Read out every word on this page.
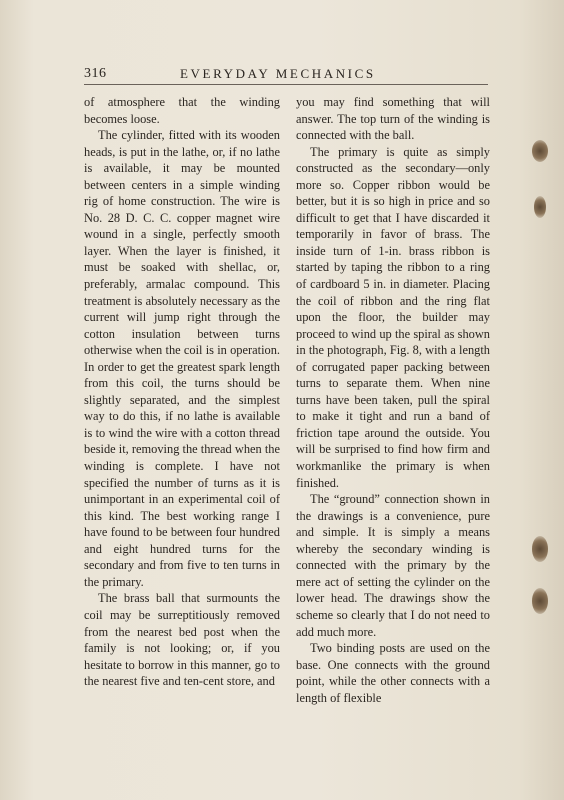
316	EVERYDAY MECHANICS

of atmosphere that the winding becomes loose.

The cylinder, fitted with its wooden heads, is put in the lathe, or, if no lathe is available, it may be mounted between centers in a simple winding rig of home construction. The wire is No. 28 D. C. C. copper magnet wire wound in a single, perfectly smooth layer. When the layer is finished, it must be soaked with shellac, or, preferably, armalac compound. This treatment is absolutely necessary as the current will jump right through the cotton insulation between turns otherwise when the coil is in operation. In order to get the greatest spark length from this coil, the turns should be slightly separated, and the simplest way to do this, if no lathe is available is to wind the wire with a cotton thread beside it, removing the thread when the winding is complete. I have not specified the number of turns as it is unimportant in an experimental coil of this kind. The best working range I have found to be between four hundred and eight hundred turns for the secondary and from five to ten turns in the primary.

The brass ball that surmounts the coil may be surreptitiously removed from the nearest bed post when the family is not looking; or, if you hesitate to borrow in this manner, go to the nearest five and ten-cent store, and

you may find something that will answer. The top turn of the winding is connected with the ball.

The primary is quite as simply constructed as the secondary—only more so. Copper ribbon would be better, but it is so high in price and so difficult to get that I have discarded it temporarily in favor of brass. The inside turn of 1-in. brass ribbon is started by taping the ribbon to a ring of cardboard 5 in. in diameter. Placing the coil of ribbon and the ring flat upon the floor, the builder may proceed to wind up the spiral as shown in the photograph, Fig. 8, with a length of corrugated paper packing between turns to separate them. When nine turns have been taken, pull the spiral to make it tight and run a band of friction tape around the outside. You will be surprised to find how firm and workmanlike the primary is when finished.

The “ground” connection shown in the drawings is a convenience, pure and simple. It is simply a means whereby the secondary winding is connected with the primary by the mere act of setting the cylinder on the lower head. The drawings show the scheme so clearly that I do not need to add much more.

Two binding posts are used on the base. One connects with the ground point, while the other connects with a length of flexible
